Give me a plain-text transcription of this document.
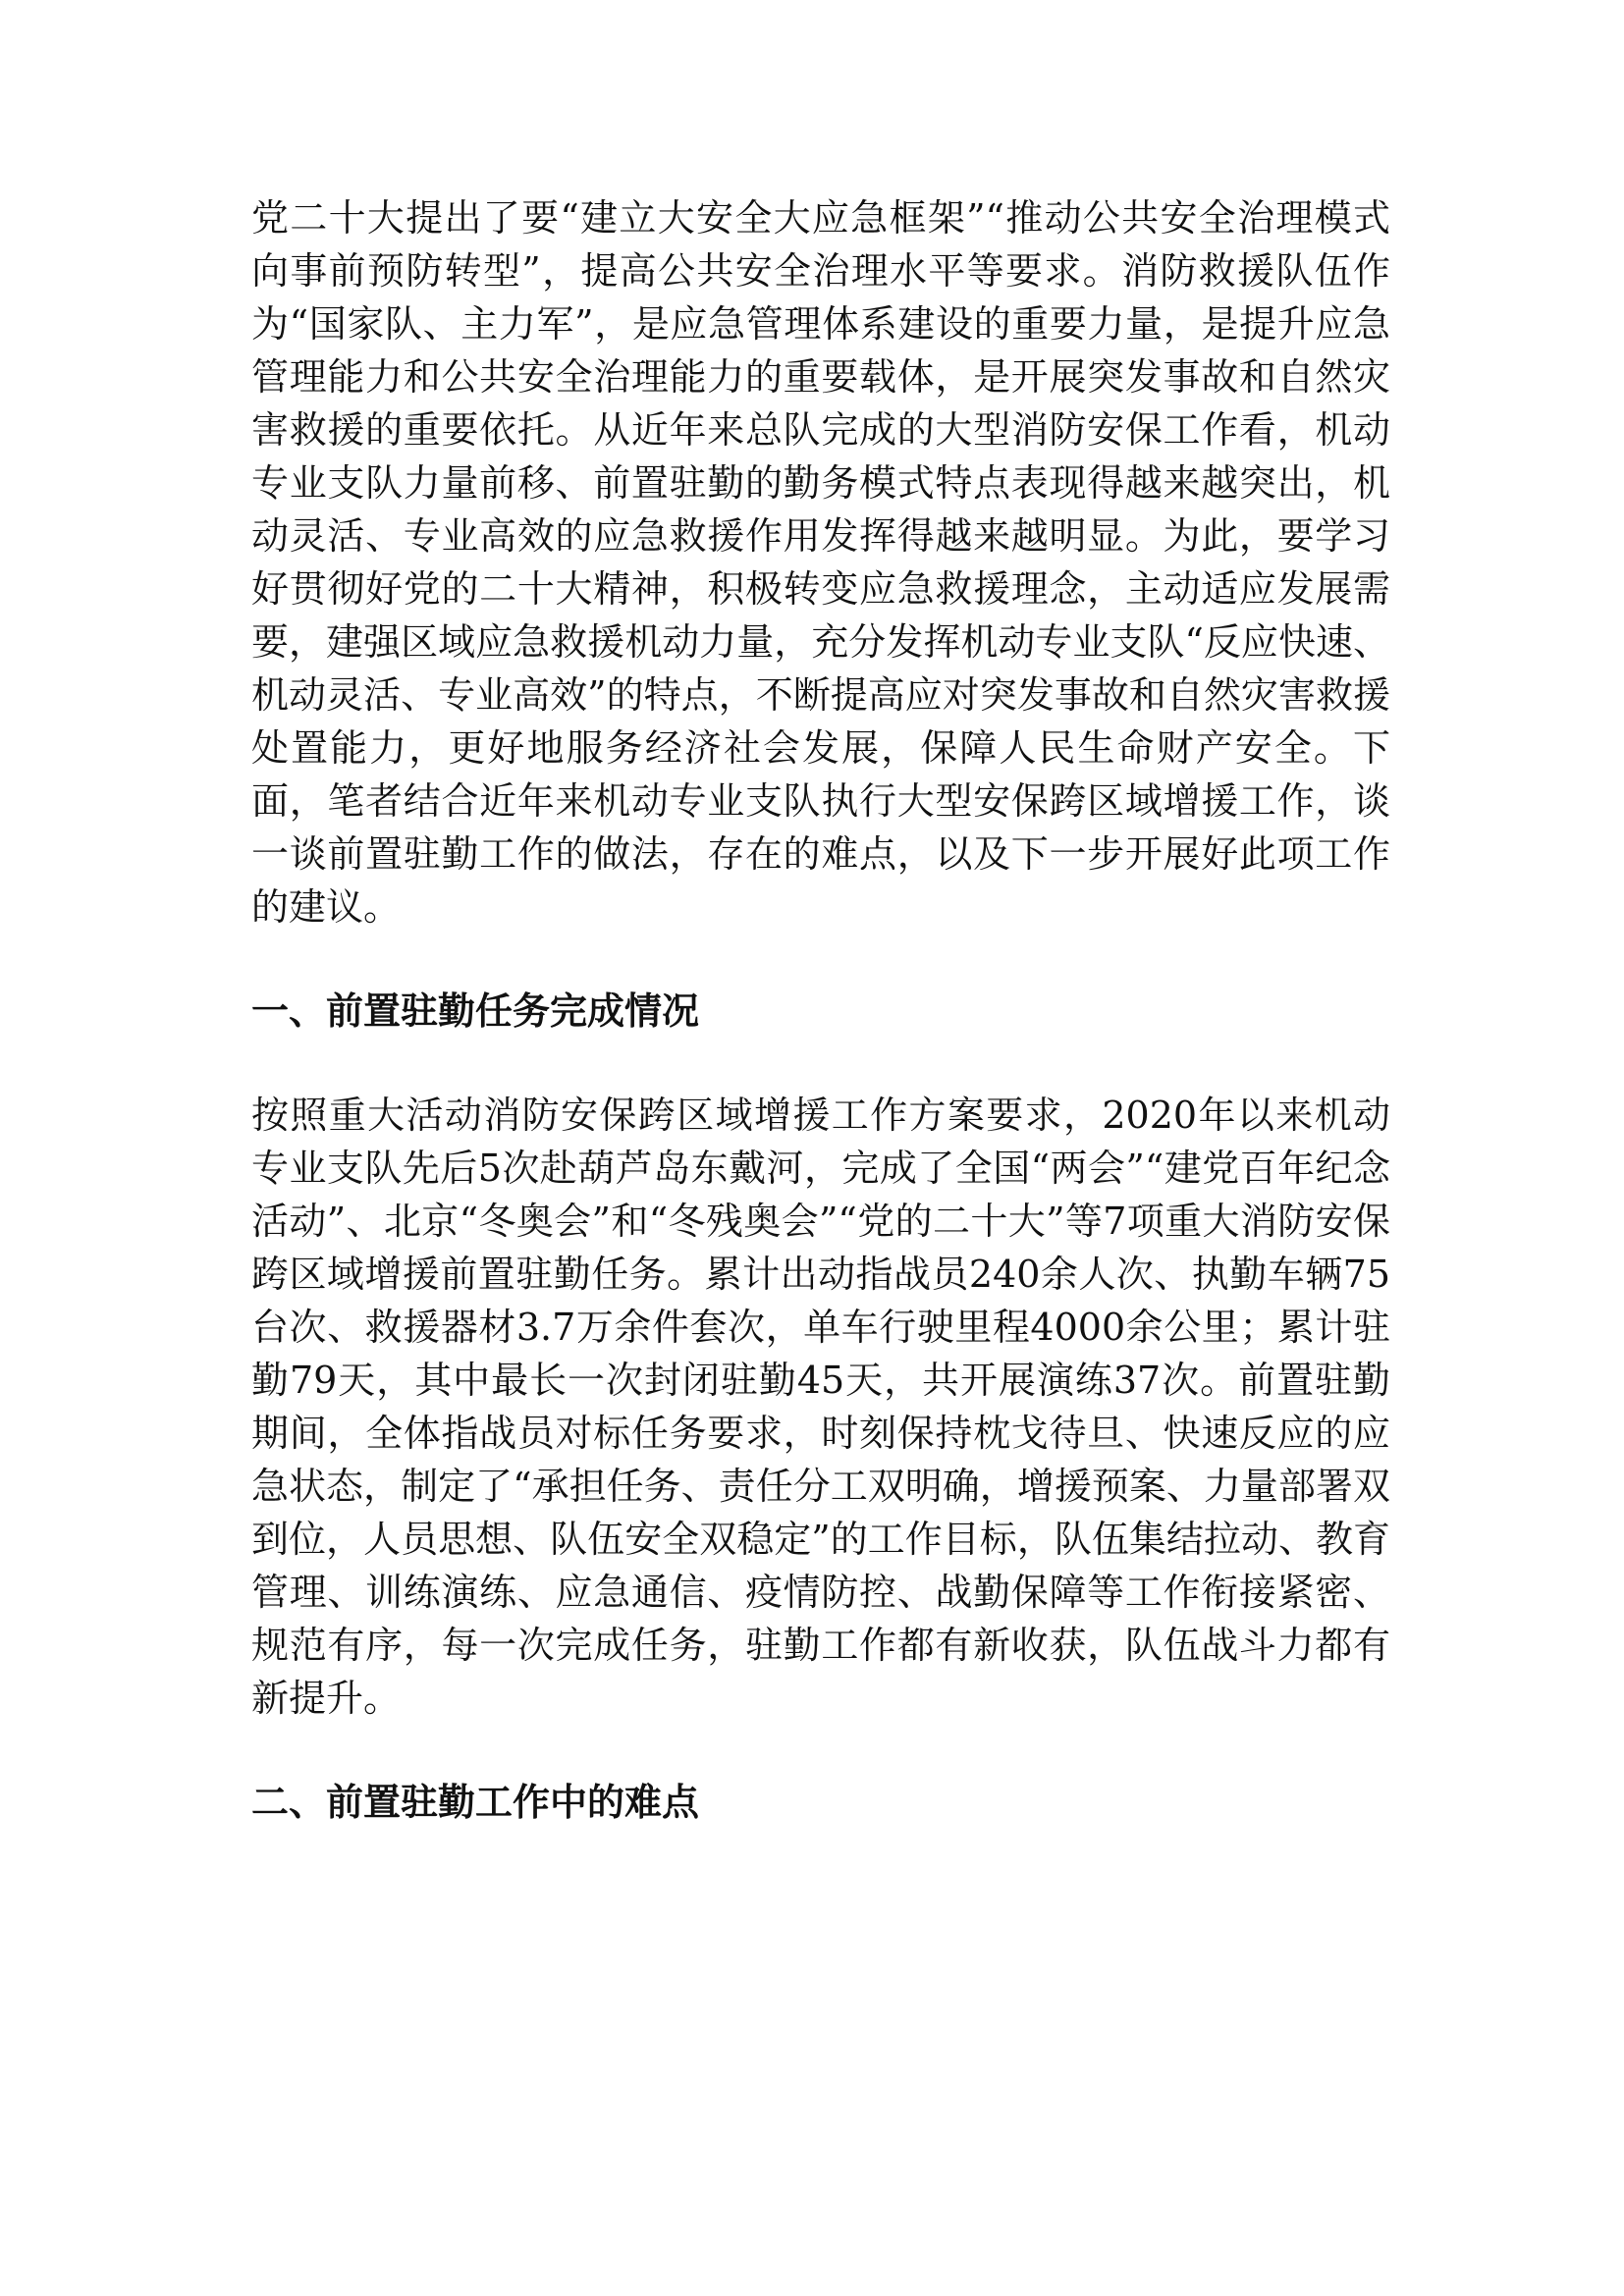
党二十大提出了要“建立大安全大应急框架”“推动公共安全治理模式向事前预防转型”，提高公共安全治理水平等要求。消防救援队伍作为“国家队、主力军”，是应急管理体系建设的重要力量，是提升应急管理能力和公共安全治理能力的重要载体，是开展突发事故和自然灾害救援的重要依托。从近年来总队完成的大型消防安保工作看，机动专业支队力量前移、前置驻勤的勤务模式特点表现得越来越突出，机动灵活、专业高效的应急救援作用发挥得越来越明显。为此，要学习好贯彻好党的二十大精神，积极转变应急救援理念，主动适应发展需要，建强区域应急救援机动力量，充分发挥机动专业支队“反应快速、机动灵活、专业高效”的特点，不断提高应对突发事故和自然灾害救援处置能力，更好地服务经济社会发展，保障人民生命财产安全。下面，笔者结合近年来机动专业支队执行大型安保跨区域增援工作，谈一谈前置驻勤工作的做法，存在的难点，以及下一步开展好此项工作的建议。

一、前置驻勤任务完成情况

按照重大活动消防安保跨区域增援工作方案要求，2020年以来机动专业支队先后5次赴葫芦岛东戴河，完成了全国“两会”“建党百年纪念活动”、北京“冬奥会”和“冬残奥会”“党的二十大”等7项重大消防安保跨区域增援前置驻勤任务。累计出动指战员240余人次、执勤车辆75台次、救援器材3.7万余件套次，单车行驶里程4000余公里；累计驻勤79天，其中最长一次封闭驻勤45天，共开展演练37次。前置驻勤期间，全体指战员对标任务要求，时刻保持枕戈待旦、快速反应的应急状态，制定了“承担任务、责任分工双明确，增援预案、力量部署双到位，人员思想、队伍安全双稳定”的工作目标，队伍集结拉动、教育管理、训练演练、应急通信、疫情防控、战勤保障等工作衔接紧密、规范有序，每一次完成任务，驻勤工作都有新收获，队伍战斗力都有新提升。

二、前置驻勤工作中的难点
